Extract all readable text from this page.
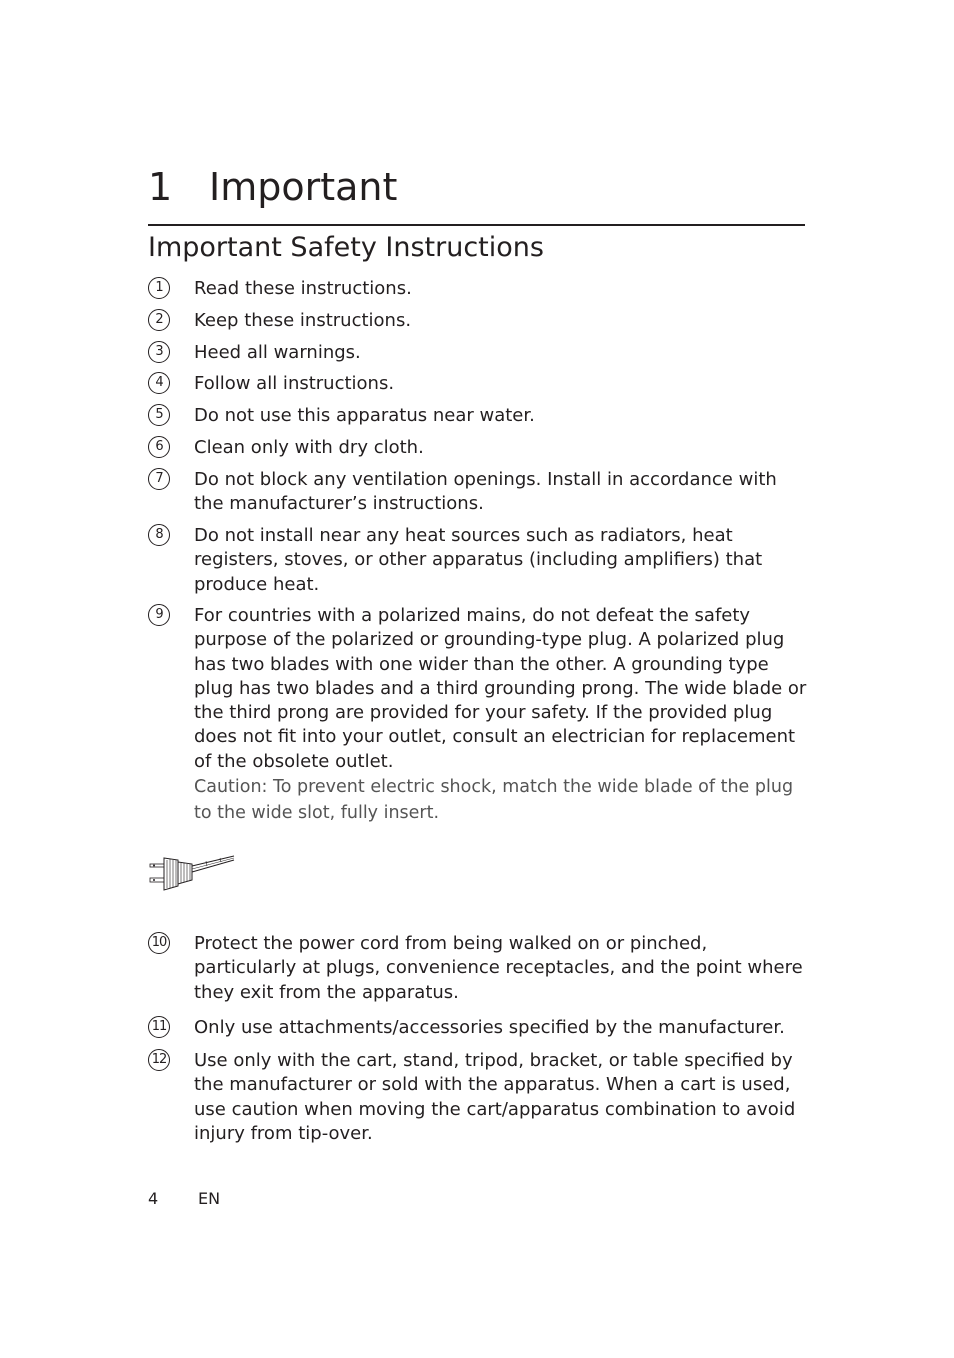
1 Important
Important Safety Instructions
1	Read these instructions.
2	Keep these instructions.
3	Heed all warnings.
4	Follow all instructions.
5	Do not use this apparatus near water.
6	Clean only with dry cloth.
7	Do not block any ventilation openings. Install in accordance with
the manufacturer’s instructions.
8	Do not install near any heat sources such as radiators, heat
registers, stoves, or other apparatus (including amplifiers) that
produce heat.
9	For countries with a polarized mains, do not defeat the safety
purpose of the polarized or grounding-type plug. A polarized plug
has two blades with one wider than the other. A grounding type
plug has two blades and a third grounding prong. The wide blade or
the third prong are provided for your safety. If the provided plug
does not fit into your outlet, consult an electrician for replacement
of the obsolete outlet.
Caution: To prevent electric shock, match the wide blade of the plug
to the wide slot, fully insert.
10 Protect the power cord from being walked on or pinched,
particularly at plugs, convenience receptacles, and the point where
they exit from the apparatus.
11 Only use attachments/accessories specified by the manufacturer.
12 Use only with the cart, stand, tripod, bracket, or table specified by
the manufacturer or sold with the apparatus. When a cart is used,
use caution when moving the cart/apparatus combination to avoid
injury from tip-over.
4 EN
